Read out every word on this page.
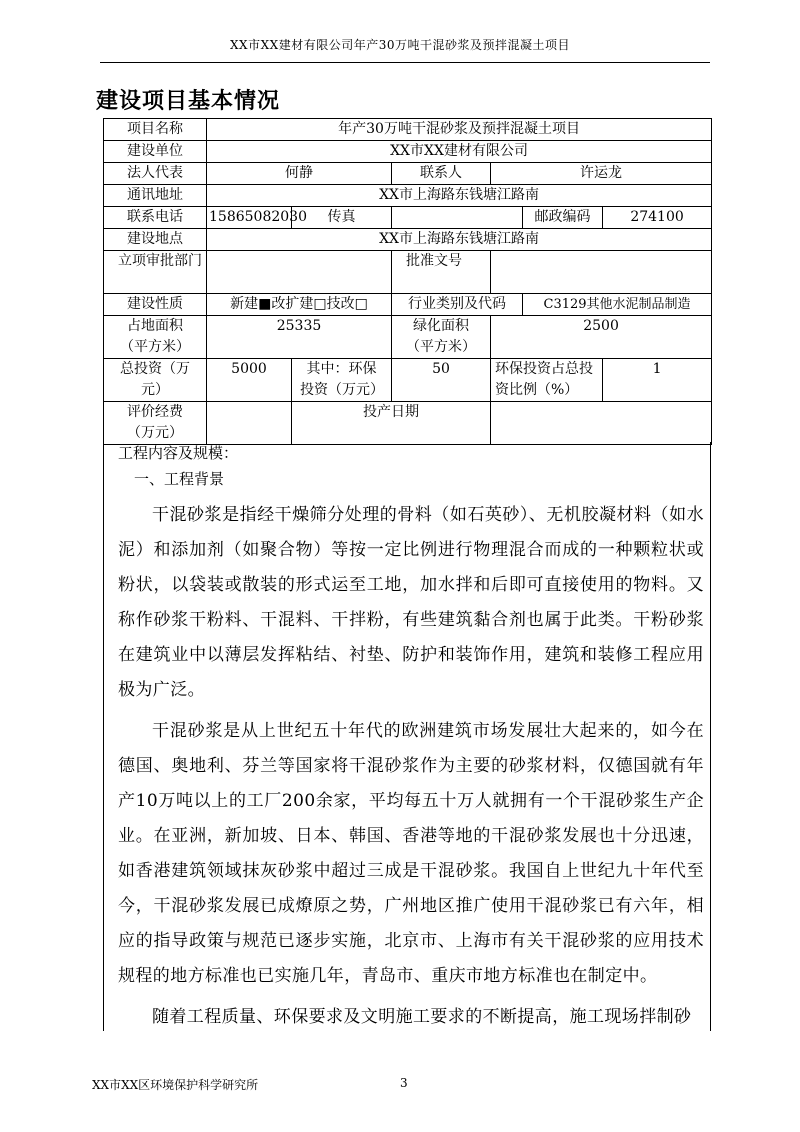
XX市XX建材有限公司年产30万吨干混砂浆及预拌混凝土项目
建设项目基本情况
项目名称	年产30万吨干混砂浆及预拌混凝土项目					
建设单位	XX市XX建材有限公司					
法人代表	何静		联系人	许运龙		
通讯地址	XX市上海路东钱塘江路南					
联系电话	15865082030	传真			邮政编码	274100
建设地点	XX市上海路东钱塘江路南					
立项审批部门			批准文号			
建设性质	新建■改扩建□技改□		行业类别及代码		C3129其他水泥制品制造	
占地面积（平方米）	25335		绿化面积（平方米）	2500		
总投资（万元）	5000	其中：环保投资（万元）	50	环保投资占总投资比例（%）		1
评价经费（万元）		投产日期				
工程内容及规模：
一、工程背景

干混砂浆是指经干燥筛分处理的骨料（如石英砂）、无机胶凝材料（如水泥）和添加剂（如聚合物）等按一定比例进行物理混合而成的一种颗粒状或粉状，以袋装或散装的形式运至工地，加水拌和后即可直接使用的物料。又称作砂浆干粉料、干混料、干拌粉，有些建筑黏合剂也属于此类。干粉砂浆在建筑业中以薄层发挥粘结、衬垫、防护和装饰作用，建筑和装修工程应用极为广泛。

干混砂浆是从上世纪五十年代的欧洲建筑市场发展壮大起来的，如今在德国、奥地利、芬兰等国家将干混砂浆作为主要的砂浆材料，仅德国就有年产10万吨以上的工厂200余家，平均每五十万人就拥有一个干混砂浆生产企业。在亚洲，新加坡、日本、韩国、香港等地的干混砂浆发展也十分迅速，如香港建筑领域抹灰砂浆中超过三成是干混砂浆。我国自上世纪九十年代至今，干混砂浆发展已成燎原之势，广州地区推广使用干混砂浆已有六年，相应的指导政策与规范已逐步实施，北京市、上海市有关干混砂浆的应用技术规程的地方标准也已实施几年，青岛市、重庆市地方标准也在制定中。

随着工程质量、环保要求及文明施工要求的不断提高，施工现场拌制砂

XX市XX区环境保护科学研究所	3
